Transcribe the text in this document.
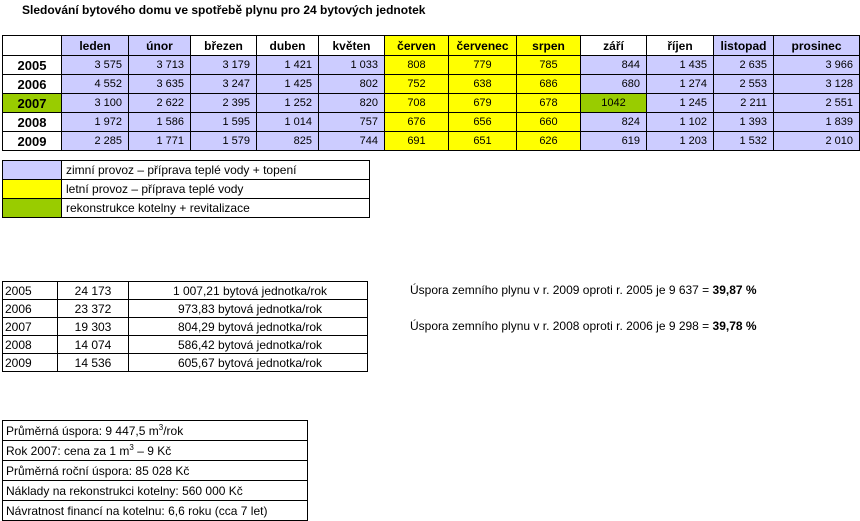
Sledování bytového domu ve spotřebě plynu pro 24 bytových jednotek
	leden	únor	březen	duben	květen	červen	červenec	srpen	září	říjen	listopad	prosinec
2005	3 575	3 713	3 179	1 421	1 033	808	779	785	844	1 435	2 635	3 966
2006	4 552	3 635	3 247	1 425	802	752	638	686	680	1 274	2 553	3 128
2007	3 100	2 622	2 395	1 252	820	708	679	678	1042	1 245	2 211	2 551
2008	1 972	1 586	1 595	1 014	757	676	656	660	824	1 102	1 393	1 839
2009	2 285	1 771	1 579	825	744	691	651	626	619	1 203	1 532	2 010
	zimní provoz – příprava teplé vody + topení
	letní provoz – příprava teplé vody
	rekonstrukce kotelny + revitalizace
2005	24 173	1 007,21 bytová jednotka/rok
2006	23 372	973,83 bytová jednotka/rok
2007	19 303	804,29 bytová jednotka/rok
2008	14 074	586,42 bytová jednotka/rok
2009	14 536	605,67 bytová jednotka/rok
Úspora zemního plynu v r. 2009 oproti r. 2005 je 9 637 = 39,87 %
Úspora zemního plynu v r. 2008 oproti r. 2006 je 9 298 = 39,78 %
Průměrná úspora: 9 447,5 $m^3$/rok
Rok 2007: cena za 1 $m^3 - 9$ Kč
Průměrná roční úspora: 85 028 Kč
Náklady na rekonstrukci kotelny: 560 000 Kč
Návratnost financí na kotelnu: 6,6 roku (cca 7 let)
